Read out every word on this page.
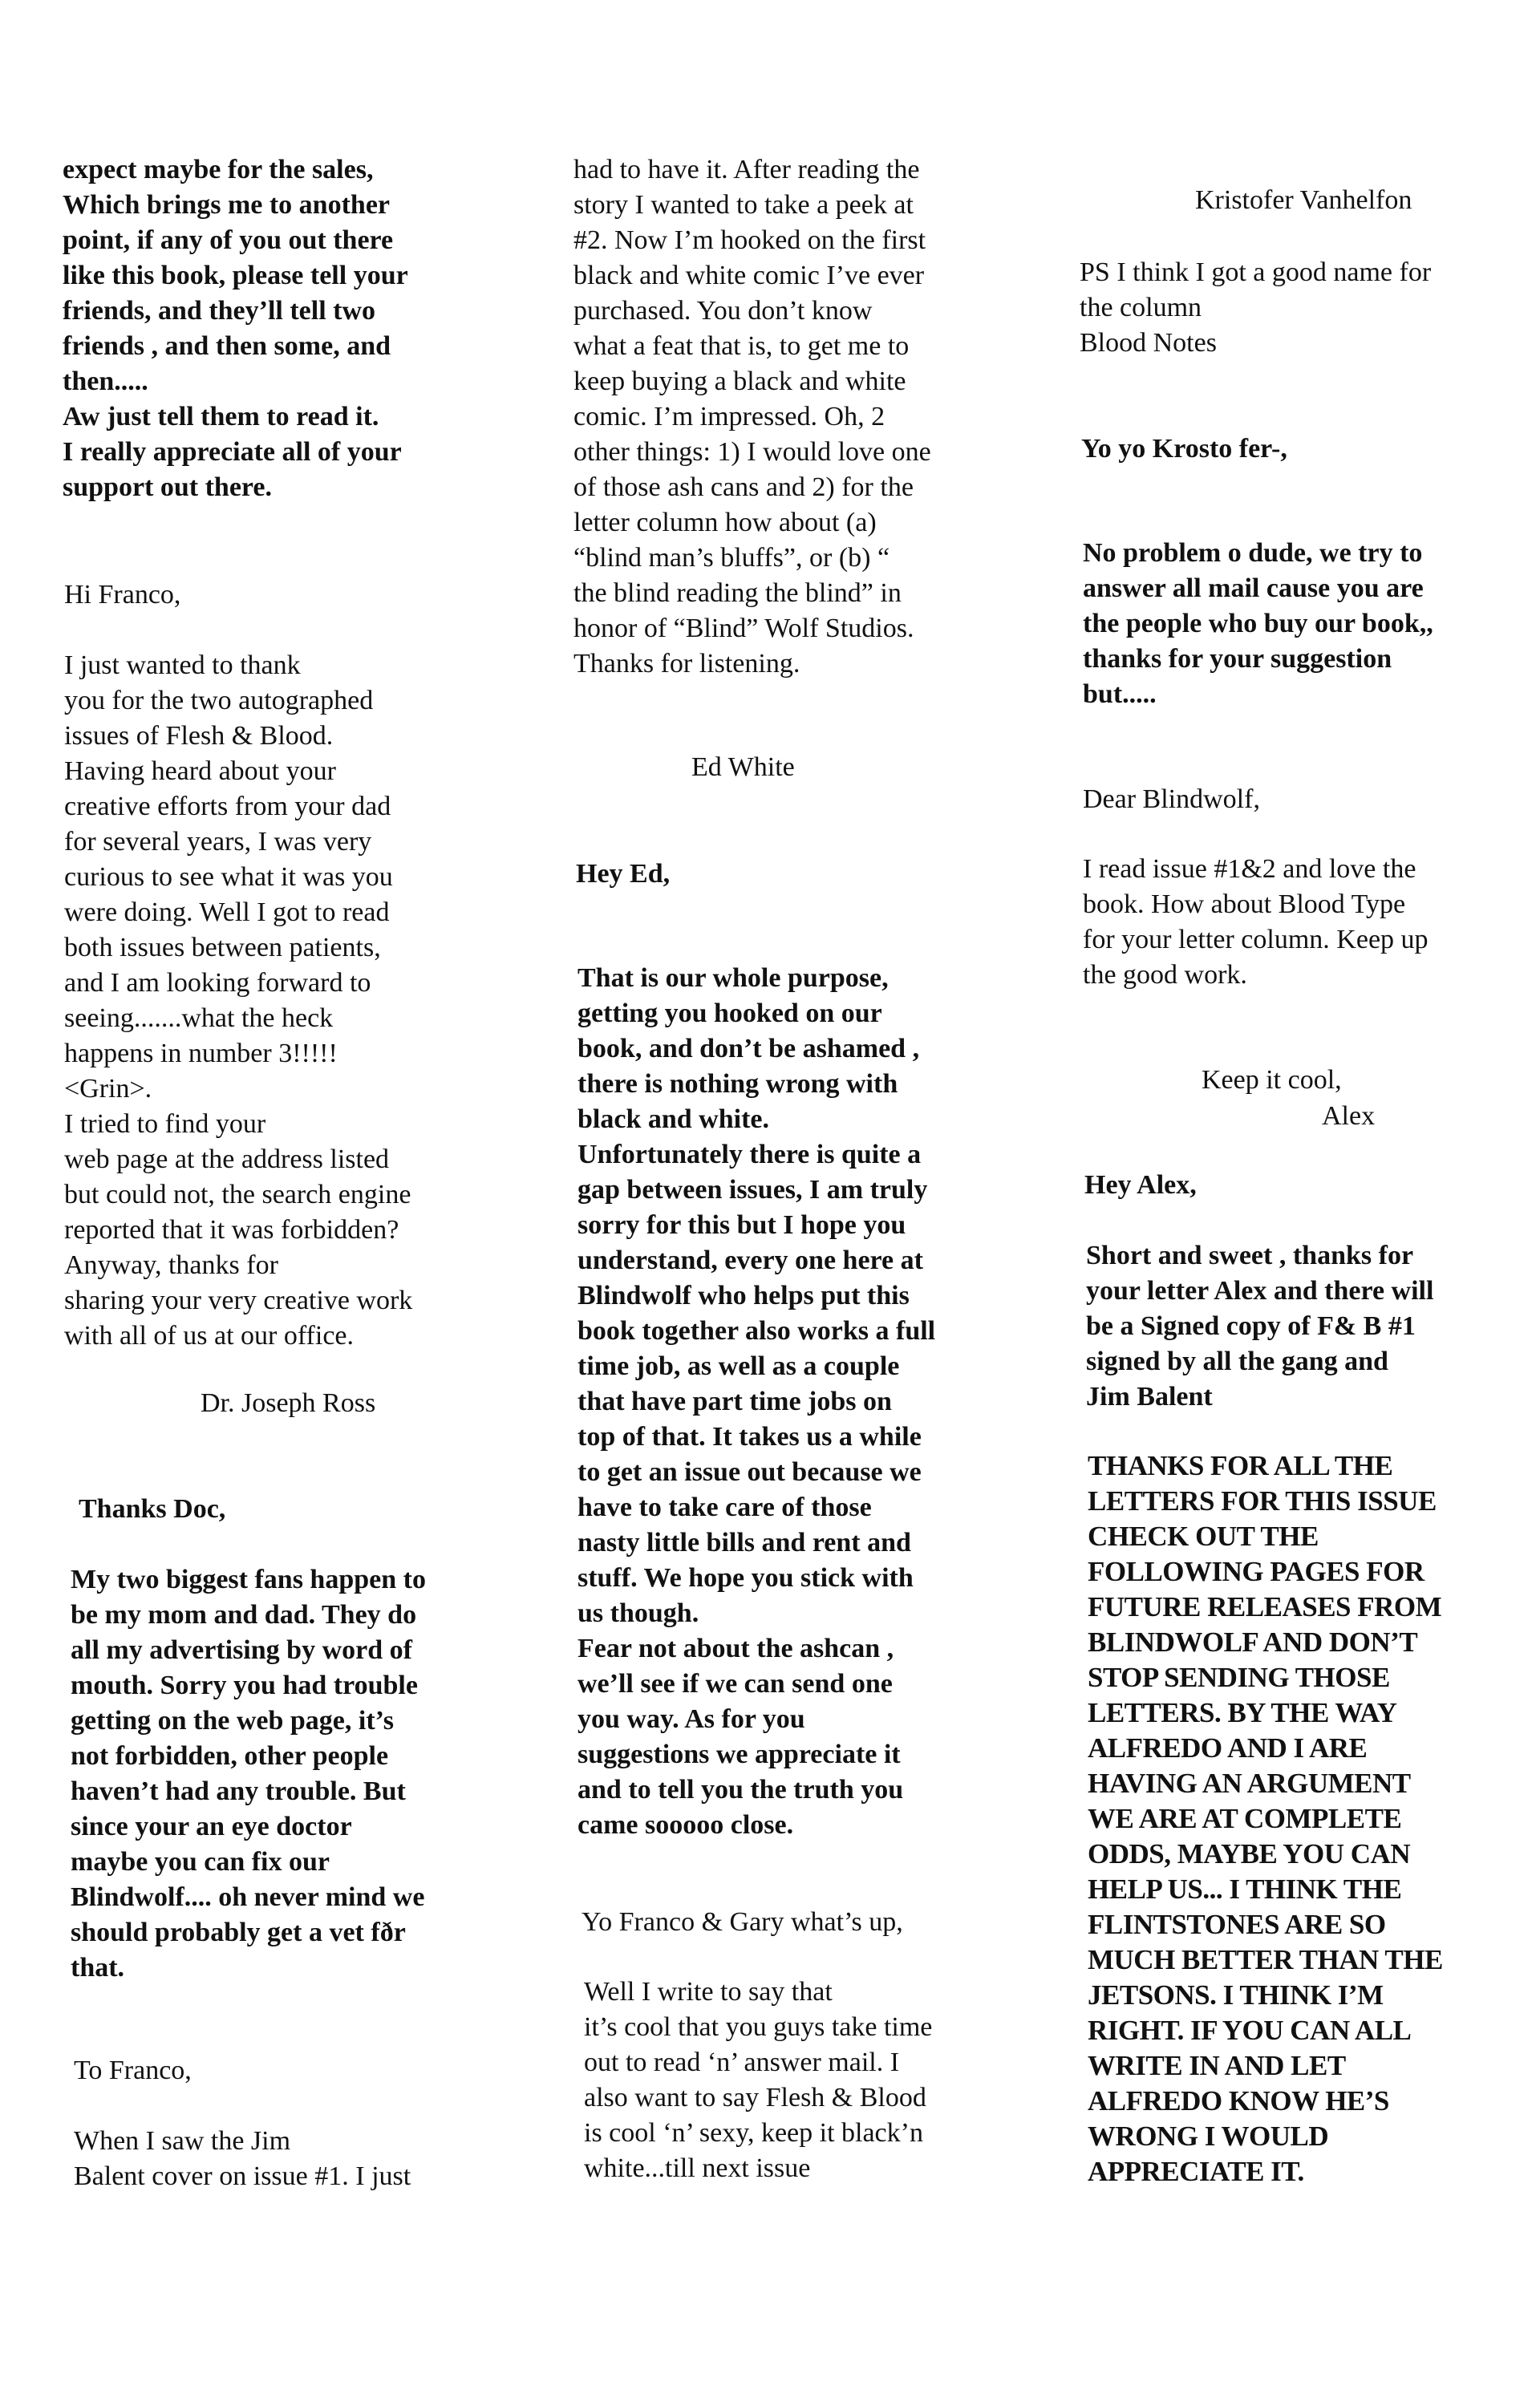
expect maybe for the sales,
Which brings me to another
point, if any of you out there
like this book, please tell your
friends, and they’ll tell two
friends , and then some, and
then.....
Aw just tell them to read it.
I really appreciate all of your
support out there.

Hi Franco,

I just wanted to thank
you for the two autographed
issues of Flesh & Blood.
Having heard about your
creative efforts from your dad
for several years, I was very
curious to see what it was you
were doing. Well I got to read
both issues between patients,
and I am looking forward to
seeing.......what the heck
happens in number 3!!!!!
<Grin>.
I tried to find your
web page at the address listed
but could not, the search engine
reported that it was forbidden?
Anyway, thanks for
sharing your very creative work
with all of us at our office.

Dr. Joseph Ross

Thanks Doc,

My two biggest fans happen to
be my mom and dad. They do
all my advertising by word of
mouth. Sorry you had trouble
getting on the web page, it’s
not forbidden, other people
haven’t had any trouble. But
since your an eye doctor
maybe you can fix our
Blindwolf.... oh never mind we
should probably get a vet fðr
that.

To Franco,

When I saw the Jim
Balent cover on issue #1. I just

had to have it. After reading the
story I wanted to take a peek at
#2. Now I’m hooked on the first
black and white comic I’ve ever
purchased. You don’t know
what a feat that is, to get me to
keep buying a black and white
comic. I’m impressed. Oh, 2
other things: 1) I would love one
of those ash cans and 2) for the
letter column how about (a)
“blind man’s bluffs”, or (b) “
the blind reading the blind” in
honor of “Blind” Wolf Studios.
Thanks for listening.

Ed White

Hey Ed,

That is our whole purpose,
getting you hooked on our
book, and don’t be ashamed ,
there is nothing wrong with
black and white.
Unfortunately there is quite a
gap between issues, I am truly
sorry for this but I hope you
understand, every one here at
Blindwolf who helps put this
book together also works a full
time job, as well as a couple
that have part time jobs on
top of that. It takes us a while
to get an issue out because we
have to take care of those
nasty little bills and rent and
stuff. We hope you stick with
us though.
Fear not about the ashcan ,
we’ll see if we can send one
you way. As for you
suggestions we appreciate it
and to tell you the truth you
came sooooo close.

Yo Franco & Gary what’s up,

Well I write to say that
it’s cool that you guys take time
out to read ‘n’ answer mail. I
also want to say Flesh & Blood
is cool ‘n’ sexy, keep it black’n
white...till next issue

Kristofer Vanhelfon

PS I think I got a good name for
the column
Blood Notes

Yo yo Krosto fer-,

No problem o dude, we try to
answer all mail cause you are
the people who buy our book,,
thanks for your suggestion
but.....

Dear Blindwolf,

I read issue #1&2 and love the
book. How about Blood Type
for your letter column. Keep up
the good work.

Keep it cool,

Alex

Hey Alex,

Short and sweet , thanks for
your letter Alex and there will
be a Signed copy of F& B #1
signed by all the gang and
Jim Balent

THANKS FOR ALL THE
LETTERS FOR THIS ISSUE
CHECK OUT THE
FOLLOWING PAGES FOR
FUTURE RELEASES FROM
BLINDWOLF AND DON’T
STOP SENDING THOSE
LETTERS. BY THE WAY
ALFREDO AND I ARE
HAVING AN ARGUMENT
WE ARE AT COMPLETE
ODDS, MAYBE YOU CAN
HELP US... I THINK THE
FLINTSTONES ARE SO
MUCH BETTER THAN THE
JETSONS. I THINK I’M
RIGHT. IF YOU CAN ALL
WRITE IN AND LET
ALFREDO KNOW HE’S
WRONG I WOULD
APPRECIATE IT.
